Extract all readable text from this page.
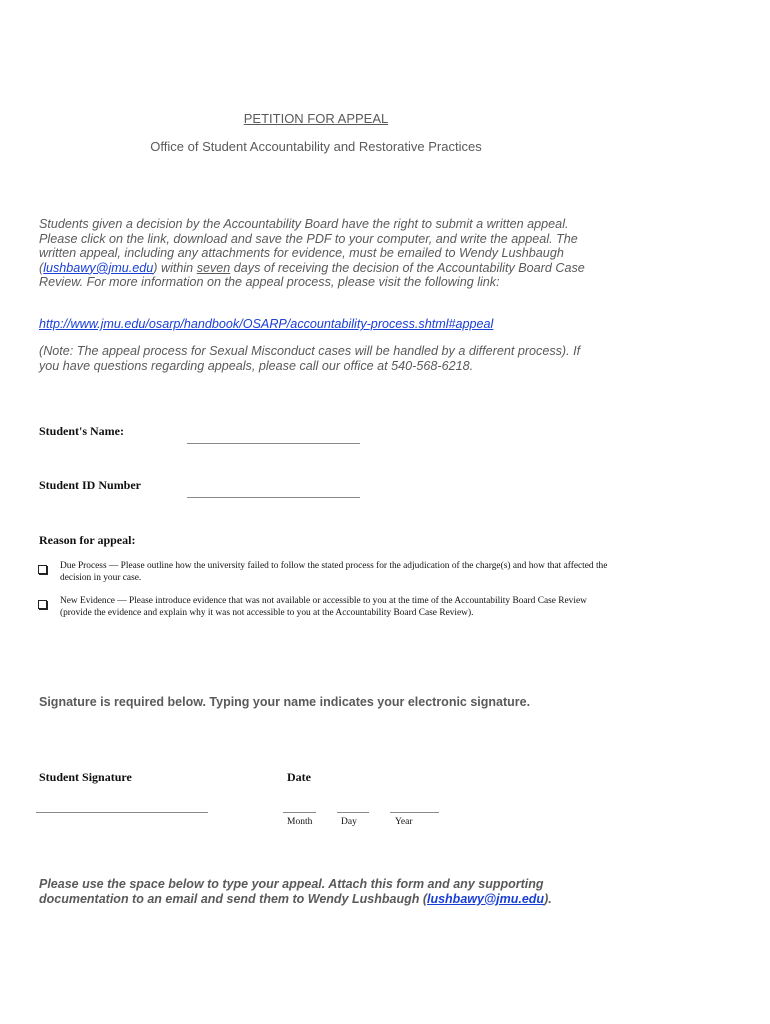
PETITION FOR APPEAL
Office of Student Accountability and Restorative Practices
Students given a decision by the Accountability Board have the right to submit a written appeal. Please click on the link, download and save the PDF to your computer, and write the appeal. The written appeal, including any attachments for evidence, must be emailed to Wendy Lushbaugh (lushbawy@jmu.edu) within seven days of receiving the decision of the Accountability Board Case Review. For more information on the appeal process, please visit the following link:
http://www.jmu.edu/osarp/handbook/OSARP/accountability-process.shtml#appeal
(Note: The appeal process for Sexual Misconduct cases will be handled by a different process). If you have questions regarding appeals, please call our office at 540-568-6218.
Student's Name:
Student ID Number
Reason for appeal:
Due Process — Please outline how the university failed to follow the stated process for the adjudication of the charge(s) and how that affected the decision in your case.
New Evidence — Please introduce evidence that was not available or accessible to you at the time of the Accountability Board Case Review (provide the evidence and explain why it was not accessible to you at the Accountability Board Case Review).
Signature is required below. Typing your name indicates your electronic signature.
Student Signature	Date
Month	Day	Year
Please use the space below to type your appeal. Attach this form and any supporting documentation to an email and send them to Wendy Lushbaugh (lushbawy@jmu.edu).
